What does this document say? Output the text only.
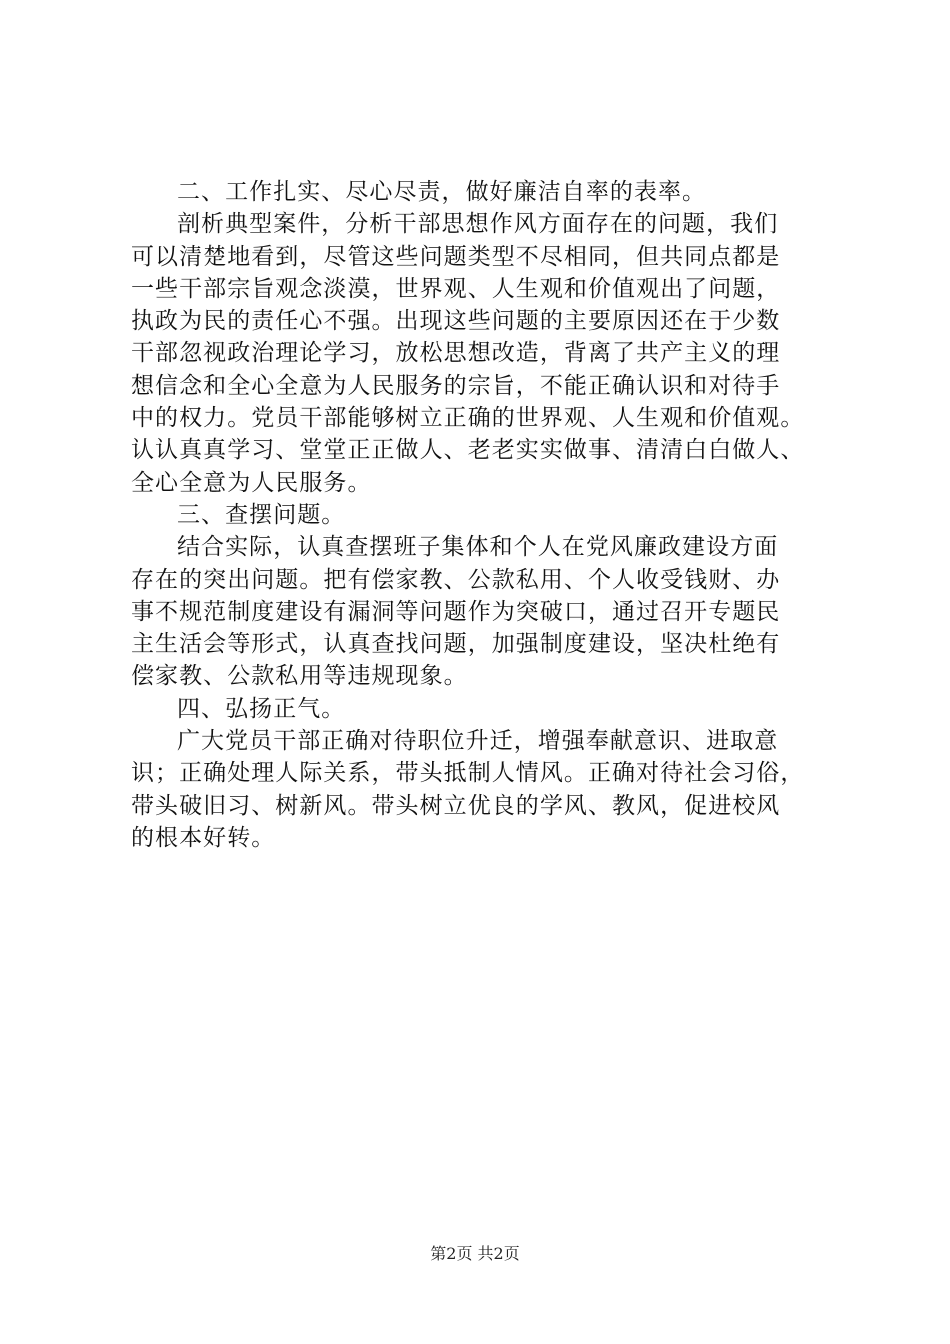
二、工作扎实、尽心尽责，做好廉洁自率的表率。
剖析典型案件，分析干部思想作风方面存在的问题，我们
可以清楚地看到，尽管这些问题类型不尽相同，但共同点都是
一些干部宗旨观念淡漠，世界观、人生观和价值观出了问题，
执政为民的责任心不强。出现这些问题的主要原因还在于少数
干部忽视政治理论学习，放松思想改造，背离了共产主义的理
想信念和全心全意为人民服务的宗旨，不能正确认识和对待手
中的权力。党员干部能够树立正确的世界观、人生观和价值观。
认认真真学习、堂堂正正做人、老老实实做事、清清白白做人、
全心全意为人民服务。
三、查摆问题。
结合实际，认真查摆班子集体和个人在党风廉政建设方面
存在的突出问题。把有偿家教、公款私用、个人收受钱财、办
事不规范制度建设有漏洞等问题作为突破口，通过召开专题民
主生活会等形式，认真查找问题，加强制度建设，坚决杜绝有
偿家教、公款私用等违规现象。
四、弘扬正气。
广大党员干部正确对待职位升迁，增强奉献意识、进取意
识；正确处理人际关系，带头抵制人情风。正确对待社会习俗，
带头破旧习、树新风。带头树立优良的学风、教风，促进校风
的根本好转。
第2页 共2页
